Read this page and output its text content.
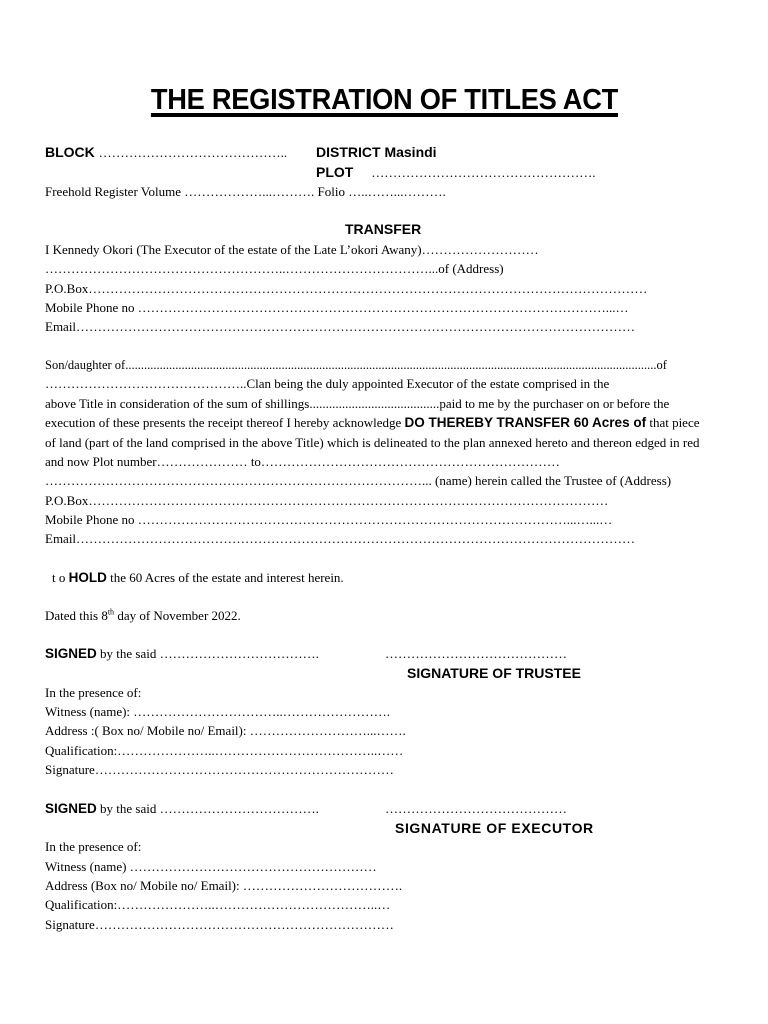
THE REGISTRATION OF TITLES ACT
BLOCK …………………………………….. DISTRICT Masindi
PLOT …………………………………………….
Freehold Register Volume ………………...………. Folio …..……...……….
TRANSFER
I Kennedy Okori (The Executor of the estate of the Late L’okori Awany)………………………
………………………………………………..……………………………...of (Address)
P.O.Box…………………………………………………………………………………………………………………
Mobile Phone no ………………………………………………………………………………………………...…
Email…………………………………………………………………………………………………………………
Son/daughter of..........................................................................................................................................................................of
………………………………………..Clan being the duly appointed Executor of the estate comprised in the
above Title in consideration of the sum of shillings........................................paid to me by the purchaser on or before the
execution of these presents the receipt thereof I hereby acknowledge DO THEREBY TRANSFER 60 Acres of that piece
of land (part of the land comprised in the above Title) which is delineated to the plan annexed hereto and thereon edged in red
and now Plot number………………… to……………………………………………………………
……………………………………………………………………………... (name) herein called the Trustee of (Address)
P.O.Box…………………………………………………………………………………………………………
Mobile Phone no ………………………………………………………………………………………...…...…
Email…………………………………………………………………………………………………………………
t o HOLD the 60 Acres of the estate and interest herein.
Dated this 8th day of November 2022.
SIGNED by the said ……………………………….	……………………………………
SIGNATURE OF TRUSTEE
In the presence of:
Witness (name): ……………………………..…………………….
Address :( Box no/ Mobile no/ Email): ………………………...…….
Qualification:…………………..………………………………..……
Signature……………………………………………………………
SIGNED by the said ……………………………….	……………………………………
SIGNATURE OF EXECUTOR
In the presence of:
Witness (name) …………………………………………………
Address (Box no/ Mobile no/ Email): ……………………………….
Qualification:…………………..………………………………..…
Signature……………………………………………………………
